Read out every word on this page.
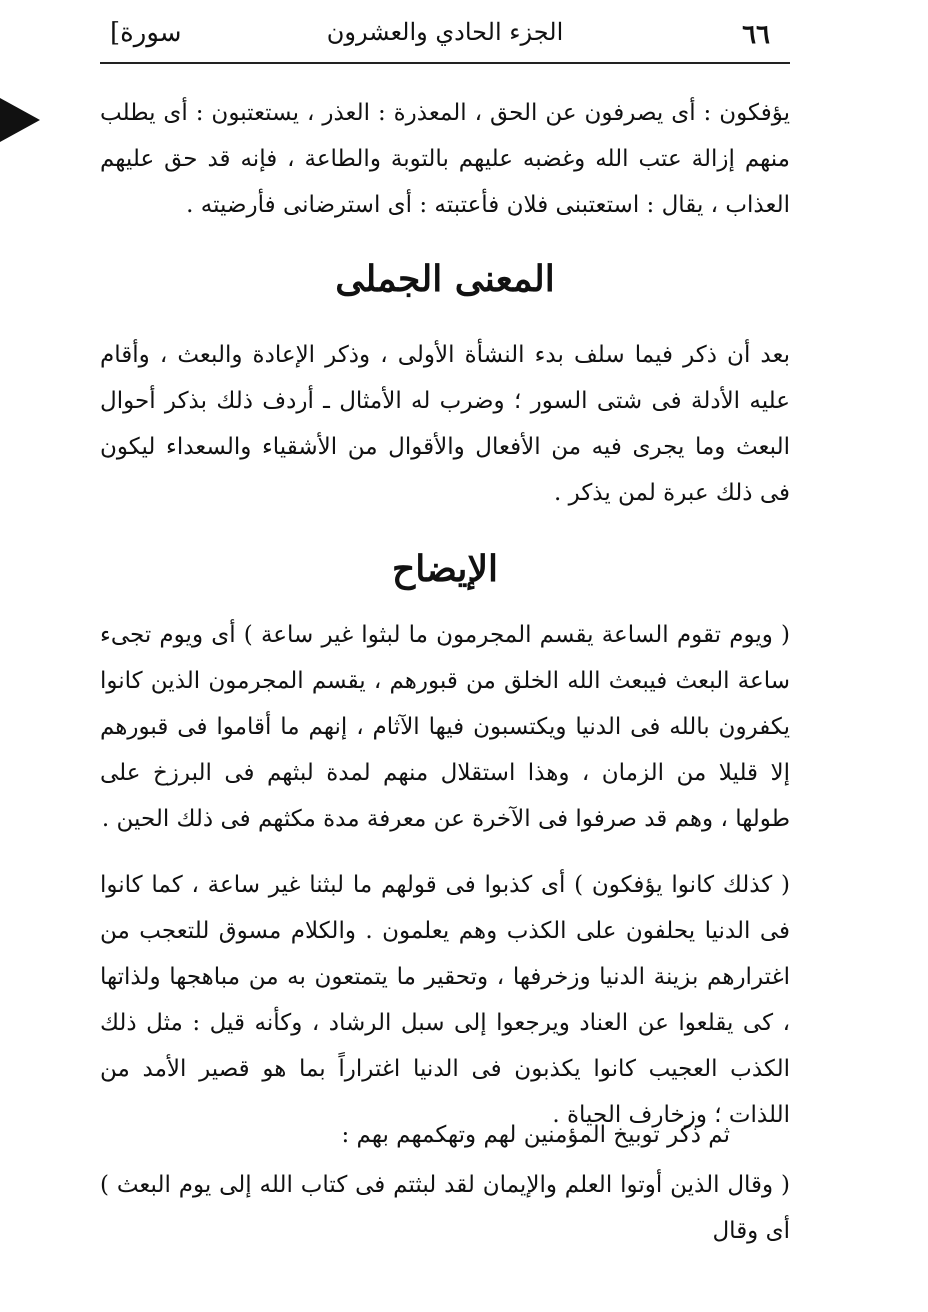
[سورة	الجزء الحادي والعشرون	٦٦
يؤفكون : أى يصرفون عن الحق ، المعذرة : العذر ، يستعتبون : أى يطلب منهم إزالة عتب الله وغضبه عليهم بالتوبة والطاعة ، فإنه قد حق عليهم العذاب ، يقال : استعتبنى فلان فأعتبته : أى استرضانى فأرضيته .
المعنى الجملى
بعد أن ذكر فيما سلف بدء النشأة الأولى ، وذكر الإعادة والبعث ، وأقام عليه الأدلة فى شتى السور ؛ وضرب له الأمثال ـ أردف ذلك بذكر أحوال البعث وما يجرى فيه من الأفعال والأقوال من الأشقياء والسعداء ليكون فى ذلك عبرة لمن يذكر .
الإيضاح
( ويوم تقوم الساعة يقسم المجرمون ما لبثوا غير ساعة ) أى ويوم تجىء ساعة البعث فيبعث الله الخلق من قبورهم ، يقسم المجرمون الذين كانوا يكفرون بالله فى الدنيا ويكتسبون فيها الآثام ، إنهم ما أقاموا فى قبورهم إلا قليلا من الزمان ، وهذا استقلال منهم لمدة لبثهم فى البرزخ على طولها ، وهم قد صرفوا فى الآخرة عن معرفة مدة مكثهم فى ذلك الحين .
( كذلك كانوا يؤفكون ) أى كذبوا فى قولهم ما لبثنا غير ساعة ، كما كانوا فى الدنيا يحلفون على الكذب وهم يعلمون . والكلام مسوق للتعجب من اغترارهم بزينة الدنيا وزخرفها ، وتحقير ما يتمتعون به من مباهجها ولذاتها ، كى يقلعوا عن العناد ويرجعوا إلى سبل الرشاد ، وكأنه قيل : مثل ذلك الكذب العجيب كانوا يكذبون فى الدنيا اغتراراً بما هو قصير الأمد من اللذات ؛ وزخارف الحياة .
ثم ذكر توبيخ المؤمنين لهم وتهكمهم بهم :
( وقال الذين أوتوا العلم والإيمان لقد لبثتم فى كتاب الله إلى يوم البعث ) أى وقال
